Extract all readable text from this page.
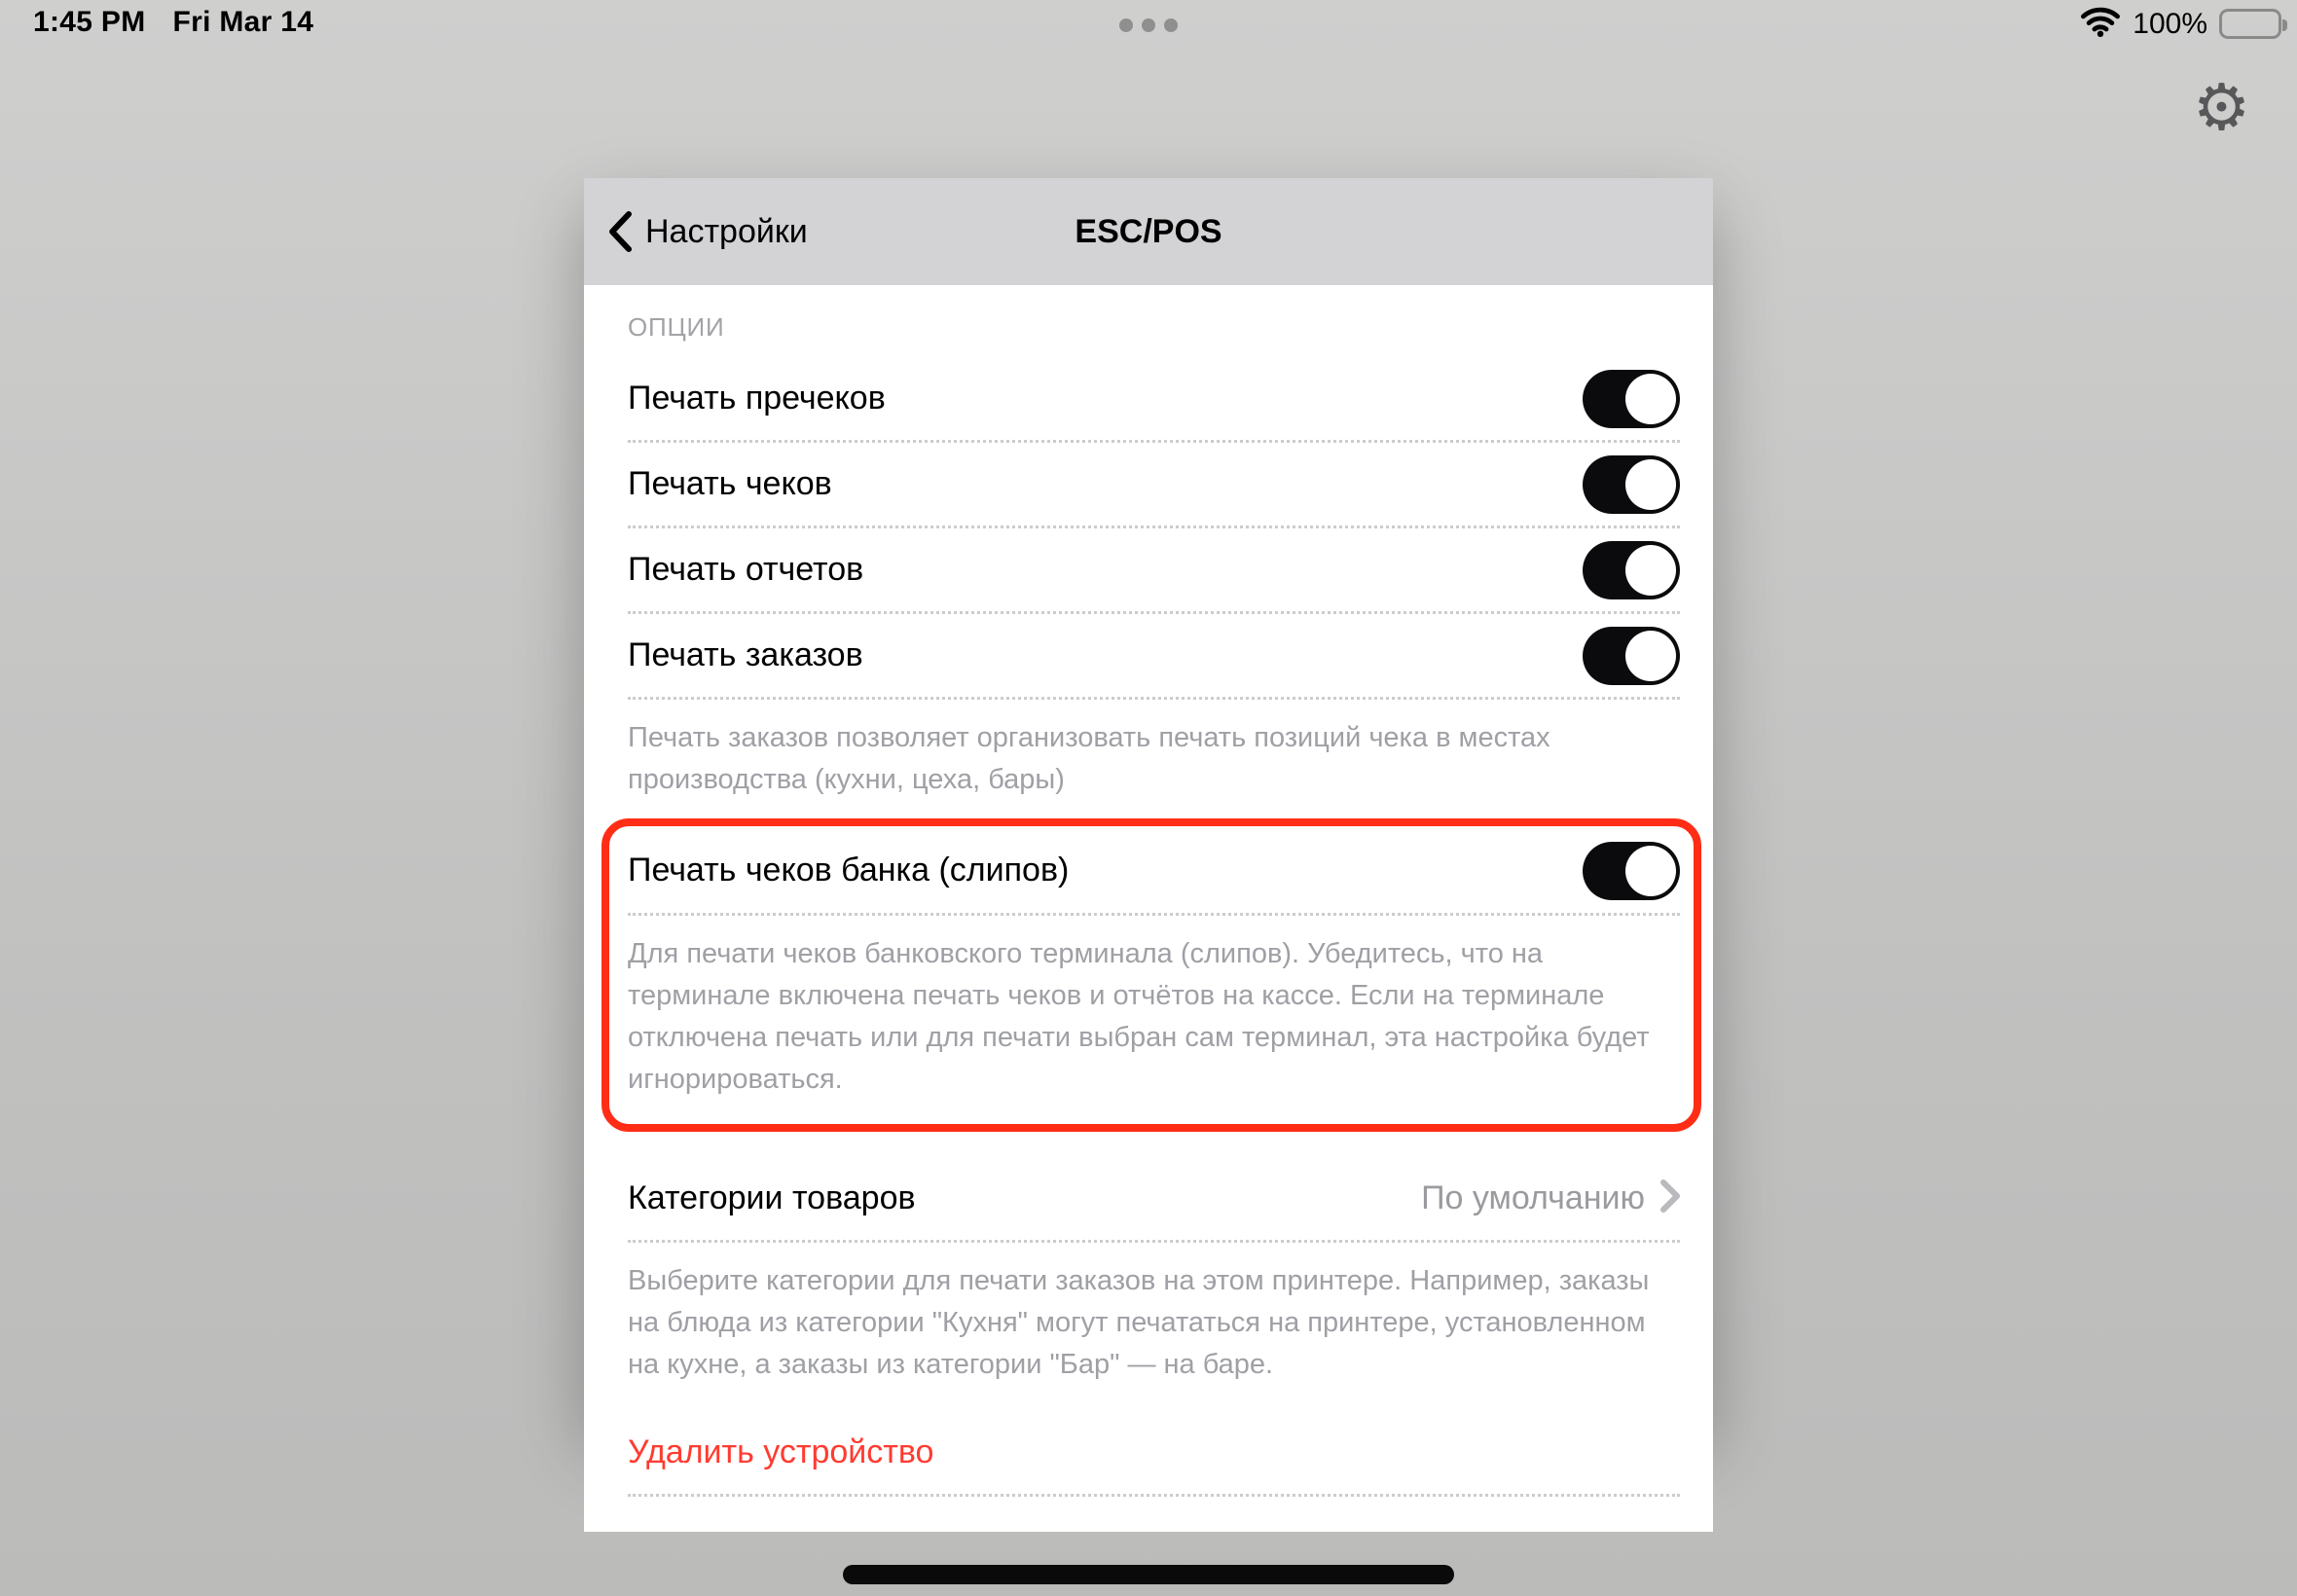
1:45 PM Fri Mar 14	100%
⚙
Настройки	ESC/POS
ОПЦИИ
Печать пречеков
Печать чеков
Печать отчетов
Печать заказов
Печать заказов позволяет организовать печать позиций чека в местах производства (кухни, цеха, бары)
Печать чеков банка (слипов)
Для печати чеков банковского терминала (слипов). Убедитесь, что на терминале включена печать чеков и отчётов на кассе. Если на терминале отключена печать или для печати выбран сам терминал, эта настройка будет игнорироваться.
Категории товаров	По умолчанию
Выберите категории для печати заказов на этом принтере. Например, заказы на блюда из категории "Кухня" могут печататься на принтере, установленном на кухне, а заказы из категории "Бар" — на баре.
Удалить устройство
